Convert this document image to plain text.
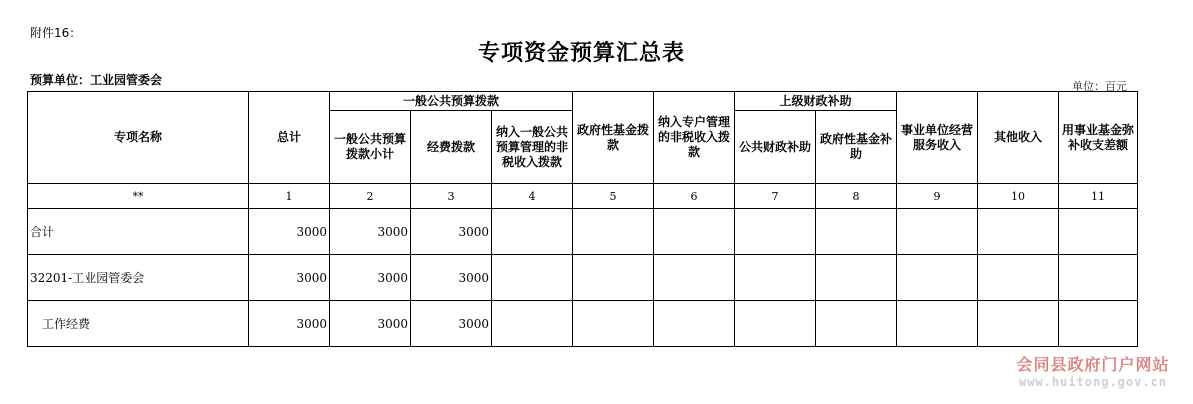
附件16：
专项资金预算汇总表
预算单位：工业园管委会	单位：百元
专项名称	总计	一般公共预算拨款			政府性基金拨款	纳入专户管理的非税收入拨款	上级财政补助		事业单位经营服务收入	其他收入	用事业基金弥补收支差额
		一般公共预算拨款小计	经费拨款	纳入一般公共预算管理的非税收入拨款			公共财政补助	政府性基金补助			
**	1	2	3	4	5	6	7	8	9	10	11
合计	3000	3000	3000								
32201-工业园管委会	3000	3000	3000								
工作经费	3000	3000	3000								
会同县政府门户网站
www.huitong.gov.cn
